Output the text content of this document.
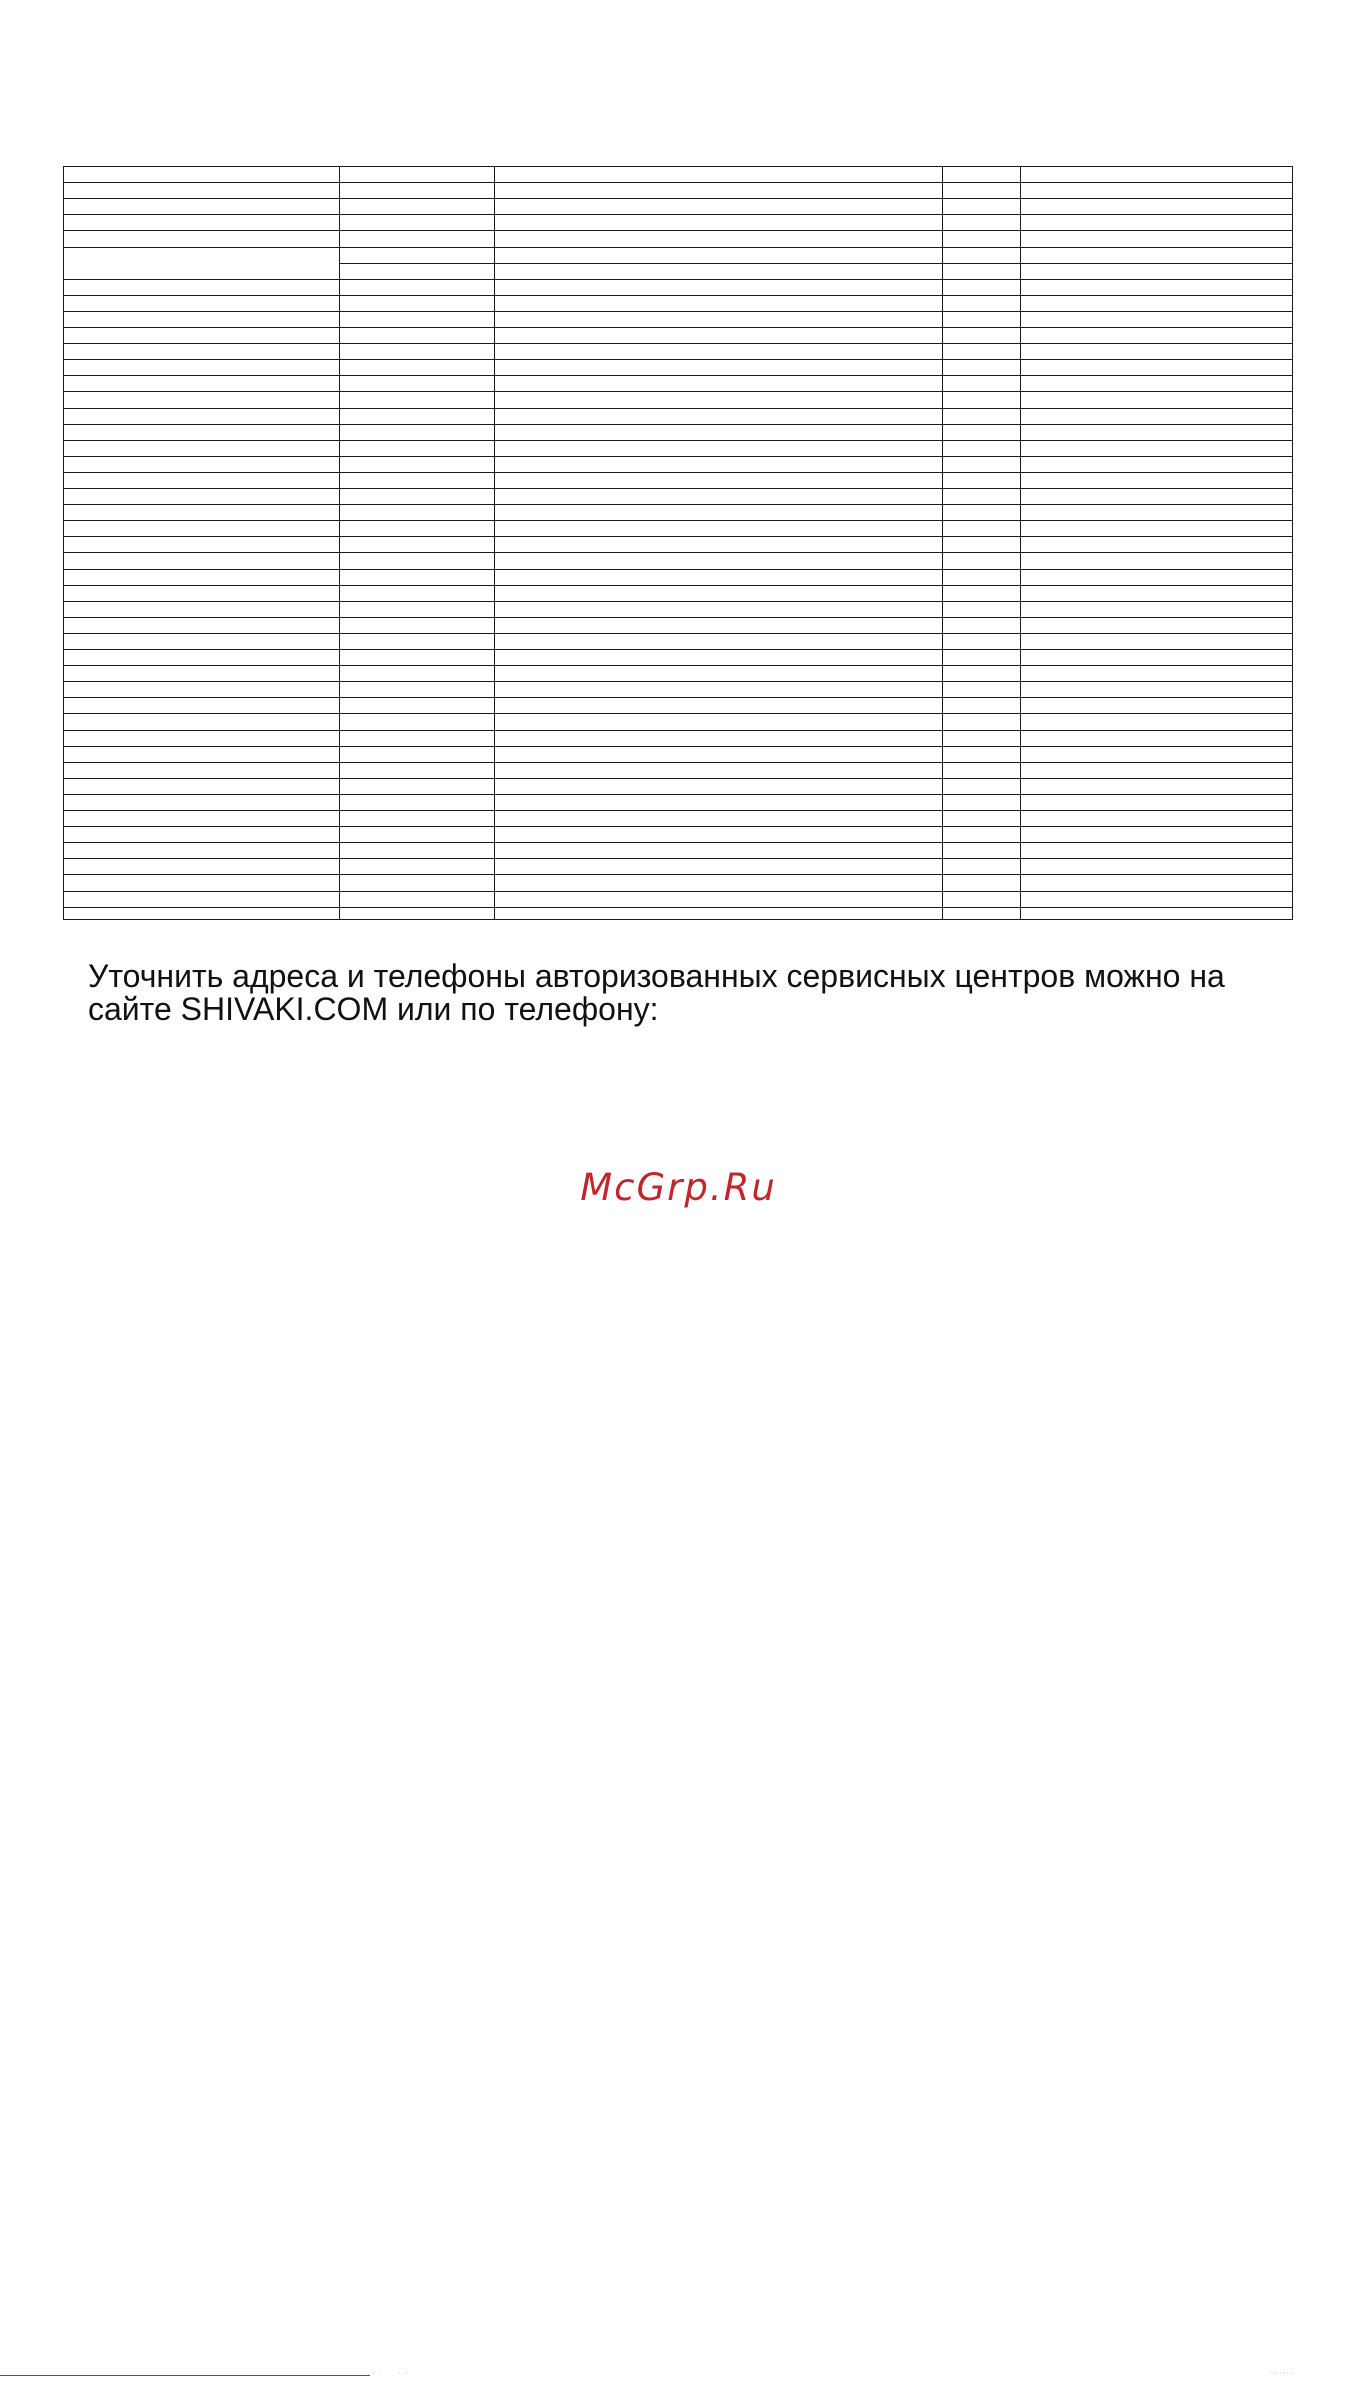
Уточнить адреса и телефоны авторизованных сервисных центров можно на
сайте SHIVAKI.COM или по телефону:
McGrp.Ru
· ·    · ·	·······
